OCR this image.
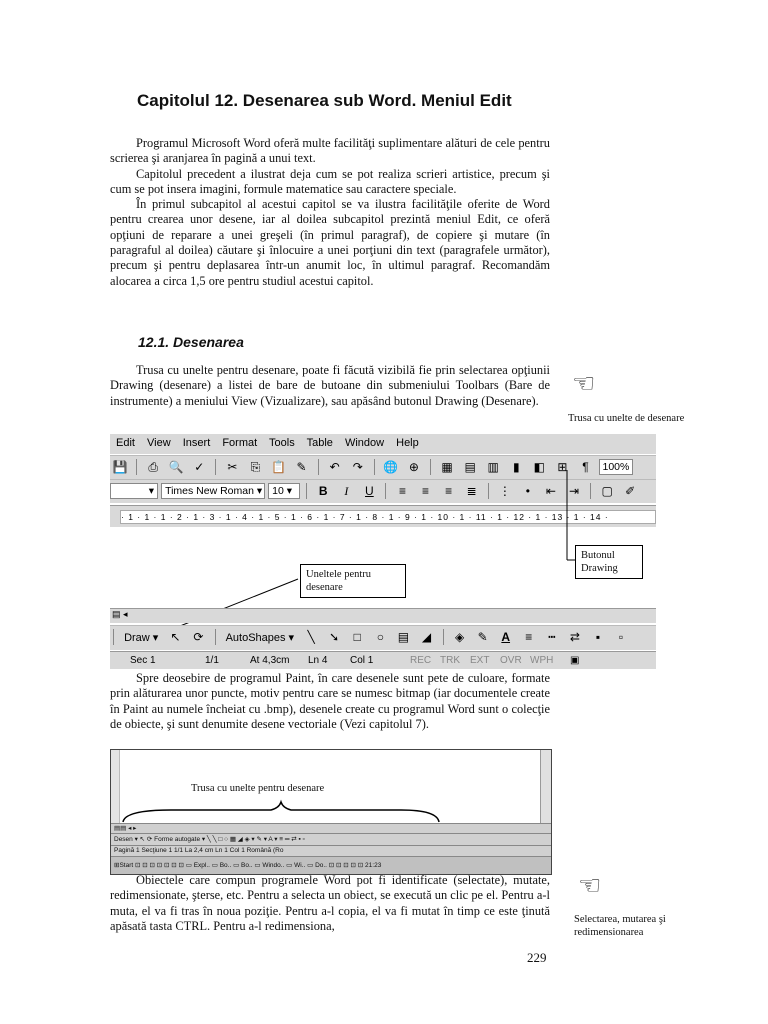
Capitolul 12. Desenarea sub Word. Meniul Edit

Programul Microsoft Word oferă multe facilităţi suplimentare alături de cele pentru scrierea şi aranjarea în pagină a unui text.

Capitolul precedent a ilustrat deja cum se pot realiza scrieri artistice, precum şi cum se pot insera imagini, formule matematice sau caractere speciale.

În primul subcapitol al acestui capitol se va ilustra facilităţile oferite de Word pentru crearea unor desene, iar al doilea subcapitol prezintă meniul Edit, ce oferă opţiuni de reparare a unei greşeli (în primul paragraf), de copiere şi mutare (în paragraful al doilea) căutare şi înlocuire a unei porţiuni din text (paragrafele următor), precum şi pentru deplasarea într-un anumit loc, în ultimul paragraf. Recomandăm alocarea a circa 1,5 ore pentru studiul acestui capitol.

12.1. Desenarea

Trusa cu unelte pentru desenare, poate fi făcută vizibilă fie prin selectarea opţiunii Drawing (desenare) a listei de bare de butoane din submeniului Toolbars (Bare de instrumente) a meniului View (Vizualizare), sau apăsând butonul Drawing (Desenare).

☜
Trusa cu unelte de desenare
Edit View Insert Format Tools Table Window Help
💾 ⎙ 🔍 ✓ ✂ ⎘ 📋 ✎ ↶ ↷ 🌐 ⊕ ▦ ▤ ▥ ▮ ◧ ⊞ ¶ 100%
▾ Times New Roman ▾ 10 ▾ B I U ≡ ≡ ≡ ≣ ⋮ • ⇤ ⇥ ▢ ✐
· 1 · 1 · 1 · 2 · 1 · 3 · 1 · 4 · 1 · 5 · 1 · 6 · 1 · 7 · 1 · 8 · 1 · 9 · 1 · 10 · 1 · 11 · 1 · 12 · 1 · 13 · 1 · 14 ·
Uneltele pentru desenare
Butonul Drawing
▤ ◂
Draw ▾ ↖ ⟳ AutoShapes ▾ ╲ ➘ □ ○ ▤ ◢ ◈ ✎ A ≡ ┅ ⇄ ▪ ▫
Sec 1	1/1	At 4,3cm Ln 4 Col 1	REC TRK EXT OVR WPH ▣

Spre deosebire de programul Paint, în care desenele sunt pete de culoare, formate prin alăturarea unor puncte, motiv pentru care se numesc bitmap (iar documentele create în Paint au numele încheiat cu .bmp), desenele create cu programul Word sunt o colecţie de obiecte, şi sunt denumite desene vectoriale (Vezi capitolul 7).

Trusa cu unelte pentru desenare
▤▤ ◂ ▸
Desen ▾ ↖ ⟳ Forme autogate ▾ ╲ ╲ □ ○ ▦ ◢ ◈ ▾ ✎ ▾ A ▾ ≡ ═ ⇄ ▪ ▫
Pagină 1 Secţiune 1 1/1 La 2,4 cm Ln 1 Col 1 Română (Ro
⊞Start ⊡ ⊡ ⊡ ⊡ ⊡ ⊡ ⊡ ▭ Expl.. ▭ Bo.. ▭ Bo.. ▭ Windo.. ▭ Wi.. ▭ Do.. ⊡ ⊡ ⊡ ⊡ ⊡ 21:23

Obiectele care compun programele Word pot fi identificate (selectate), mutate, redimensionate, şterse, etc. Pentru a selecta un obiect, se execută un clic pe el. Pentru a-l muta, el va fi tras în noua poziţie. Pentru a-l copia, el va fi mutat în timp ce este ţinută apăsată tasta CTRL. Pentru a-l redimensiona,

☜
Selectarea, mutarea şi redimensionarea
229
